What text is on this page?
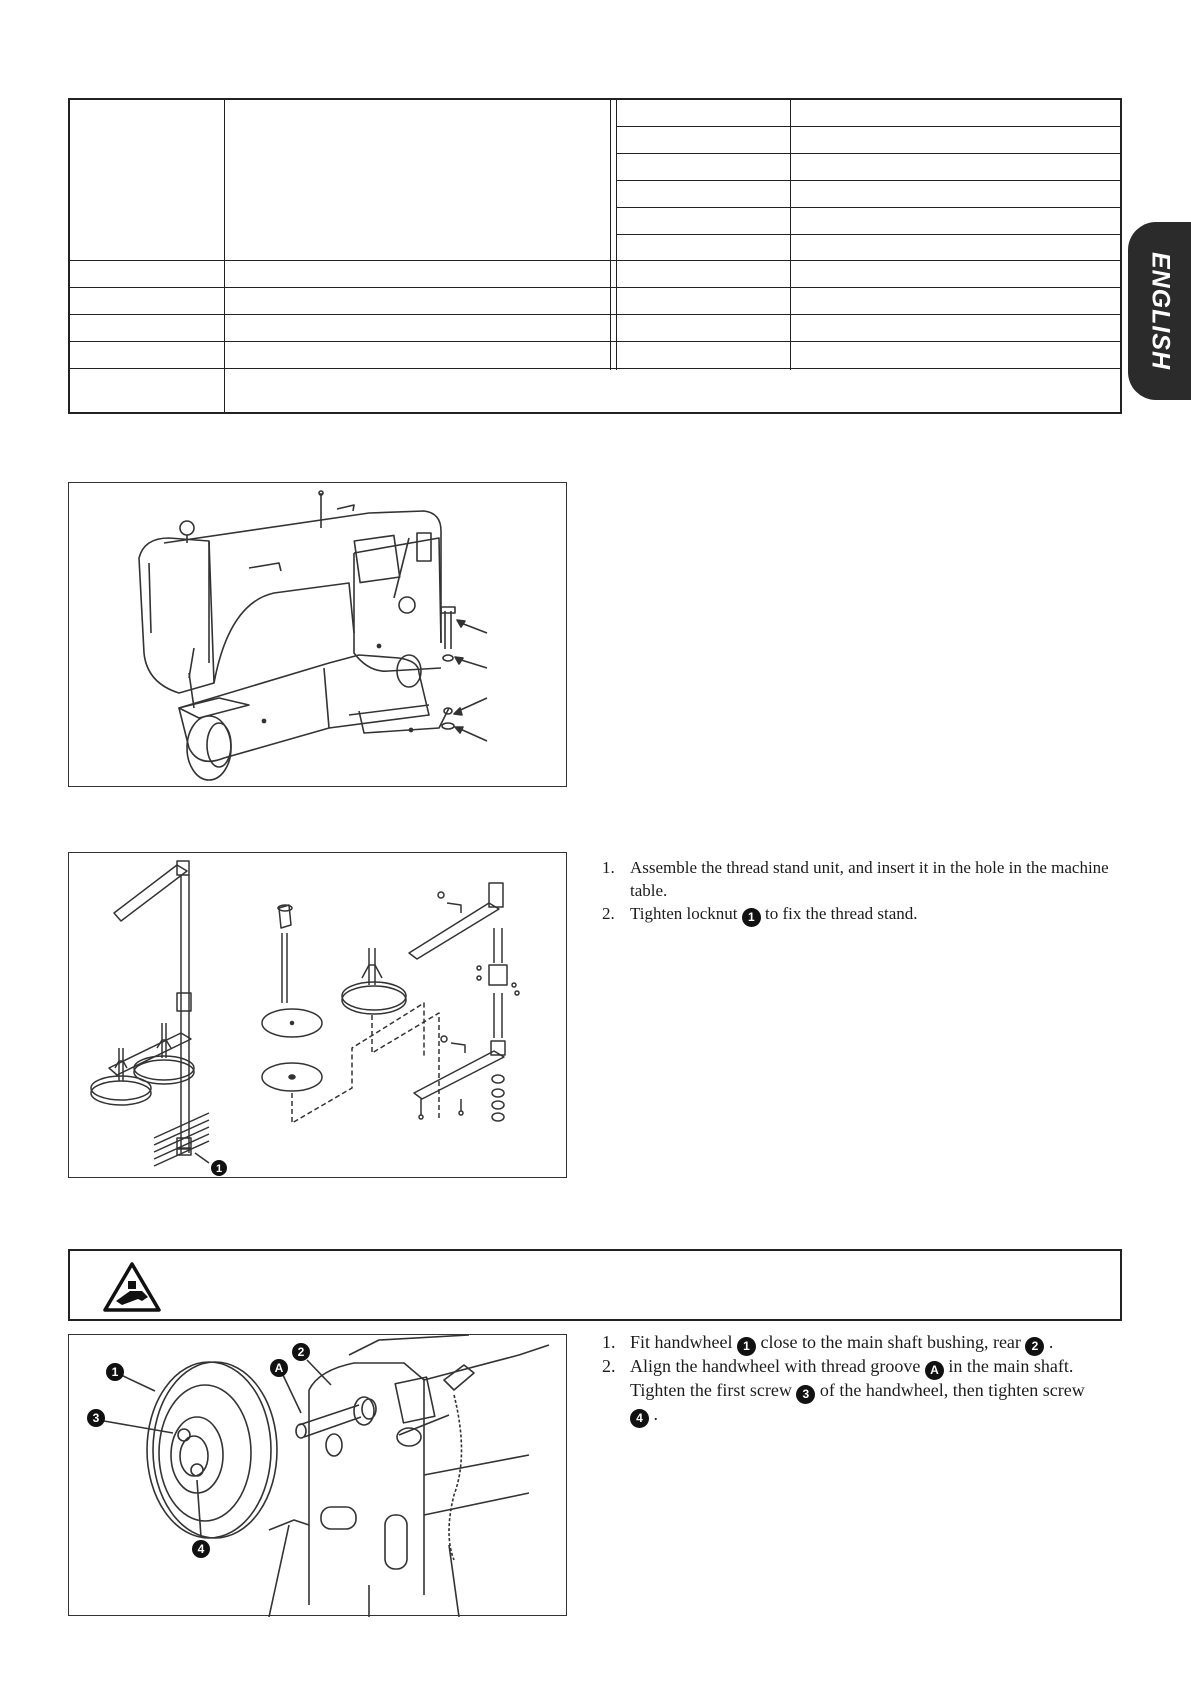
ENGLISH
1
1. Assemble the thread stand unit, and insert it in the hole in the machine table.
2. Tighten locknut 1 to fix the thread stand.
1
2
A
3
4
1. Fit handwheel 1 close to the main shaft bushing, rear 2 .
2. Align the handwheel with thread groove A in the main shaft. Tighten the first screw 3 of the handwheel, then tighten screw 4 .
